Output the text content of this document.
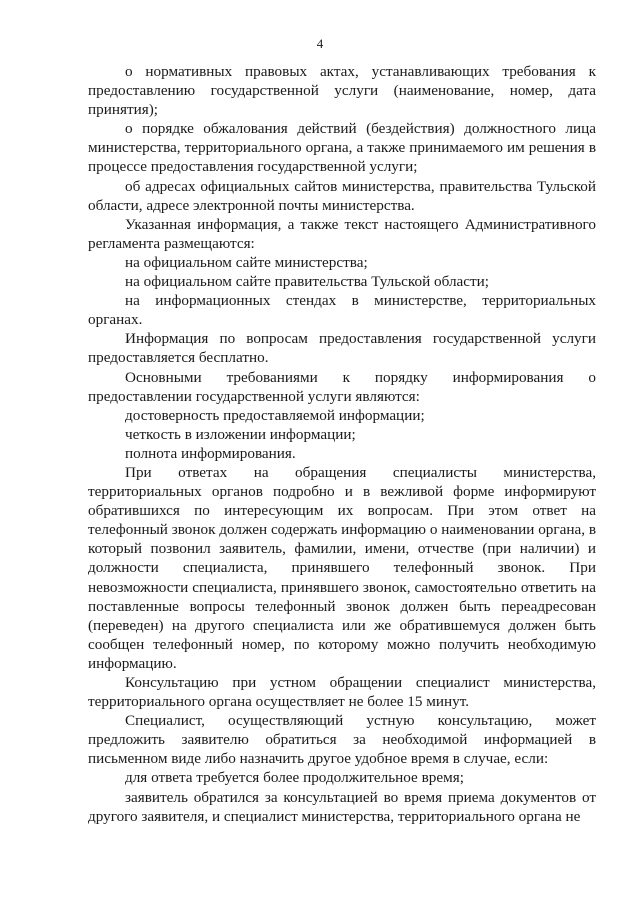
4

о нормативных правовых актах, устанавливающих требования к предоставлению государственной услуги (наименование, номер, дата принятия);

о порядке обжалования действий (бездействия) должностного лица министерства, территориального органа, а также принимаемого им решения в процессе предоставления государственной услуги;

об адресах официальных сайтов министерства, правительства Тульской области, адресе электронной почты министерства.

Указанная информация, а также текст настоящего Административного регламента размещаются:

на официальном сайте министерства;

на официальном сайте правительства Тульской области;

на информационных стендах в министерстве, территориальных органах.

Информация по вопросам предоставления государственной услуги предоставляется бесплатно.

Основными требованиями к порядку информирования о предоставлении государственной услуги являются:

достоверность предоставляемой информации;

четкость в изложении информации;

полнота информирования.

При ответах на обращения специалисты министерства, территориальных органов подробно и в вежливой форме информируют обратившихся по интересующим их вопросам. При этом ответ на телефонный звонок должен содержать информацию о наименовании органа, в который позвонил заявитель, фамилии, имени, отчестве (при наличии) и должности специалиста, принявшего телефонный звонок. При невозможности специалиста, принявшего звонок, самостоятельно ответить на поставленные вопросы телефонный звонок должен быть переадресован (переведен) на другого специалиста или же обратившемуся должен быть сообщен телефонный номер, по которому можно получить необходимую информацию.

Консультацию при устном обращении специалист министерства, территориального органа осуществляет не более 15 минут.

Специалист, осуществляющий устную консультацию, может предложить заявителю обратиться за необходимой информацией в письменном виде либо назначить другое удобное время в случае, если:

для ответа требуется более продолжительное время;

заявитель обратился за консультацией во время приема документов от другого заявителя, и специалист министерства, территориального органа не
